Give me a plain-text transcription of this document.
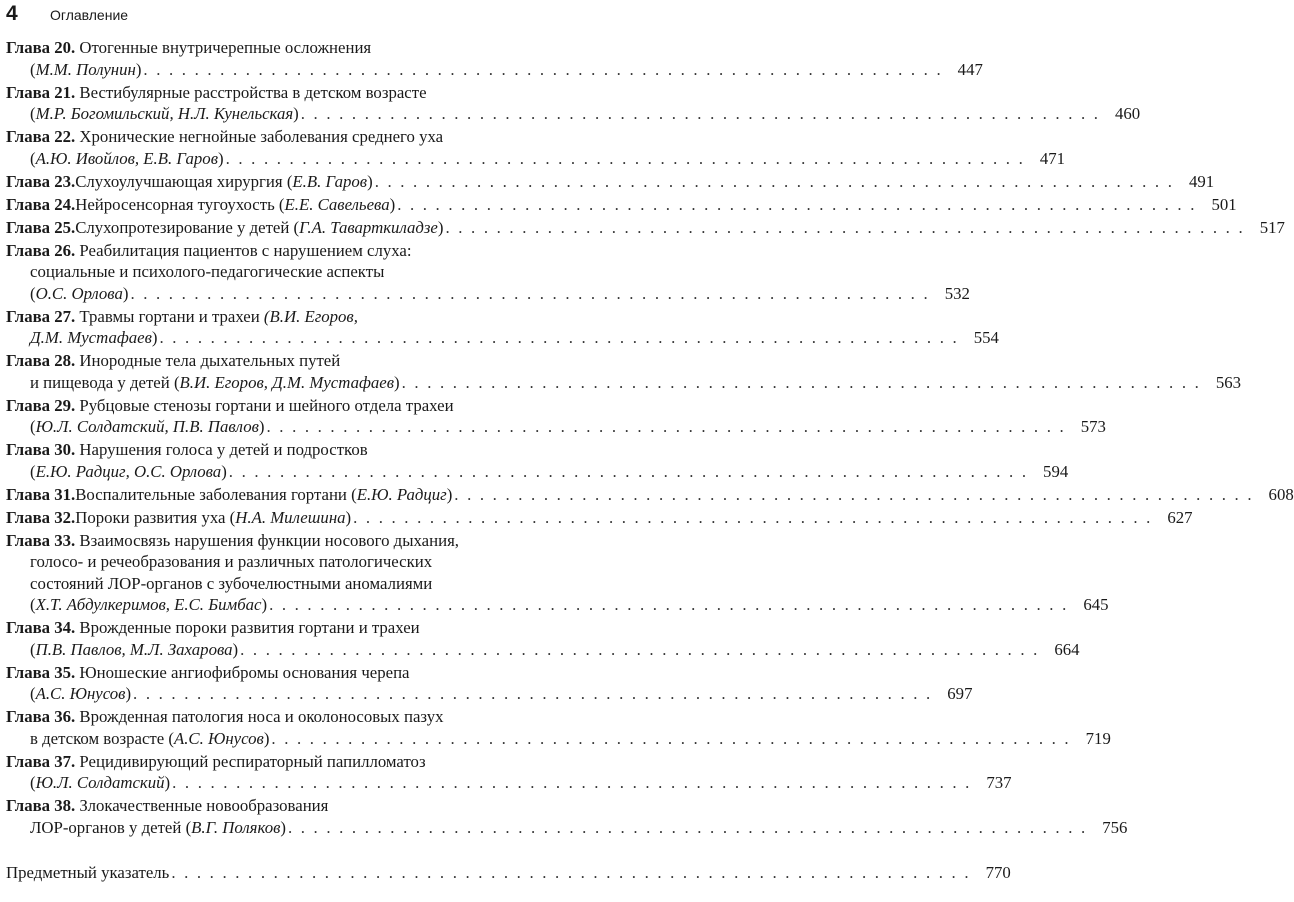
4	Оглавление
Глава 20. Отогенные внутричерепные осложнения
(М.М. Полунин) . . . . . . . . . . . . . . . . . . . . . . . . . . . . . . . . . . . . . . . . . . . . . . . . . . . . . . . . . . . . . . . 447
Глава 21. Вестибулярные расстройства в детском возрасте
(М.Р. Богомильский, Н.Л. Кунельская) . . . . . . . . . . . . . . . . . . . . . . . . . . . . . . . . . . . . . . . . . . . . . . . . . . . . . . . . . . . . . . . 460
Глава 22. Хронические негнойные заболевания среднего уха
(А.Ю. Ивойлов, Е.В. Гаров) . . . . . . . . . . . . . . . . . . . . . . . . . . . . . . . . . . . . . . . . . . . . . . . . . . . . . . . . . . . . . . . 471
Глава 23. Слухоулучшающая хирургия (Е.В. Гаров) . . . . . . . . . . . . . . . . . . . . . . . . . . . . . . . . . . . . . . . . . . . . . . . . . . . . . . . . . . . . . . . 491
Глава 24. Нейросенсорная тугоухость (Е.Е. Савельева) . . . . . . . . . . . . . . . . . . . . . . . . . . . . . . . . . . . . . . . . . . . . . . . . . . . . . . . . . . . . . . . 501
Глава 25. Слухопротезирование у детей (Г.А. Таварткиладзе) . . . . . . . . . . . . . . . . . . . . . . . . . . . . . . . . . . . . . . . . . . . . . . . . . . . . . . . . . . . . . . . 517
Глава 26. Реабилитация пациентов с нарушением слуха:
социальные и психолого-педагогические аспекты
(О.С. Орлова) . . . . . . . . . . . . . . . . . . . . . . . . . . . . . . . . . . . . . . . . . . . . . . . . . . . . . . . . . . . . . . . 532
Глава 27. Травмы гортани и трахеи (В.И. Егоров,
Д.М. Мустафаев) . . . . . . . . . . . . . . . . . . . . . . . . . . . . . . . . . . . . . . . . . . . . . . . . . . . . . . . . . . . . . . . 554
Глава 28. Инородные тела дыхательных путей
и пищевода у детей (В.И. Егоров, Д.М. Мустафаев) . . . . . . . . . . . . . . . . . . . . . . . . . . . . . . . . . . . . . . . . . . . . . . . . . . . . . . . . . . . . . . . 563
Глава 29. Рубцовые стенозы гортани и шейного отдела трахеи
(Ю.Л. Солдатский, П.В. Павлов) . . . . . . . . . . . . . . . . . . . . . . . . . . . . . . . . . . . . . . . . . . . . . . . . . . . . . . . . . . . . . . . 573
Глава 30. Нарушения голоса у детей и подростков
(Е.Ю. Радциг, О.С. Орлова) . . . . . . . . . . . . . . . . . . . . . . . . . . . . . . . . . . . . . . . . . . . . . . . . . . . . . . . . . . . . . . . 594
Глава 31. Воспалительные заболевания гортани (Е.Ю. Радциг) . . . . . . . . . . . . . . . . . . . . . . . . . . . . . . . . . . . . . . . . . . . . . . . . . . . . . . . . . . . . . . . 608
Глава 32. Пороки развития уха (Н.А. Милешина) . . . . . . . . . . . . . . . . . . . . . . . . . . . . . . . . . . . . . . . . . . . . . . . . . . . . . . . . . . . . . . . 627
Глава 33. Взаимосвязь нарушения функции носового дыхания,
голосо- и речеобразования и различных патологических
состояний ЛОР-органов с зубочелюстными аномалиями
(Х.Т. Абдулкеримов, Е.С. Бимбас) . . . . . . . . . . . . . . . . . . . . . . . . . . . . . . . . . . . . . . . . . . . . . . . . . . . . . . . . . . . . . . . 645
Глава 34. Врожденные пороки развития гортани и трахеи
(П.В. Павлов, М.Л. Захарова) . . . . . . . . . . . . . . . . . . . . . . . . . . . . . . . . . . . . . . . . . . . . . . . . . . . . . . . . . . . . . . . 664
Глава 35. Юношеские ангиофибромы основания черепа
(А.С. Юнусов) . . . . . . . . . . . . . . . . . . . . . . . . . . . . . . . . . . . . . . . . . . . . . . . . . . . . . . . . . . . . . . . 697
Глава 36. Врожденная патология носа и околоносовых пазух
в детском возрасте (А.С. Юнусов) . . . . . . . . . . . . . . . . . . . . . . . . . . . . . . . . . . . . . . . . . . . . . . . . . . . . . . . . . . . . . . . 719
Глава 37. Рецидивирующий респираторный папилломатоз
(Ю.Л. Солдатский) . . . . . . . . . . . . . . . . . . . . . . . . . . . . . . . . . . . . . . . . . . . . . . . . . . . . . . . . . . . . . . . 737
Глава 38. Злокачественные новообразования
ЛОР-органов у детей (В.Г. Поляков) . . . . . . . . . . . . . . . . . . . . . . . . . . . . . . . . . . . . . . . . . . . . . . . . . . . . . . . . . . . . . . . 756
Предметный указатель . . . . . . . . . . . . . . . . . . . . . . . . . . . . . . . . . . . . . . . . . . . . . . . . . . . . . . . . . . . . . . . 770
